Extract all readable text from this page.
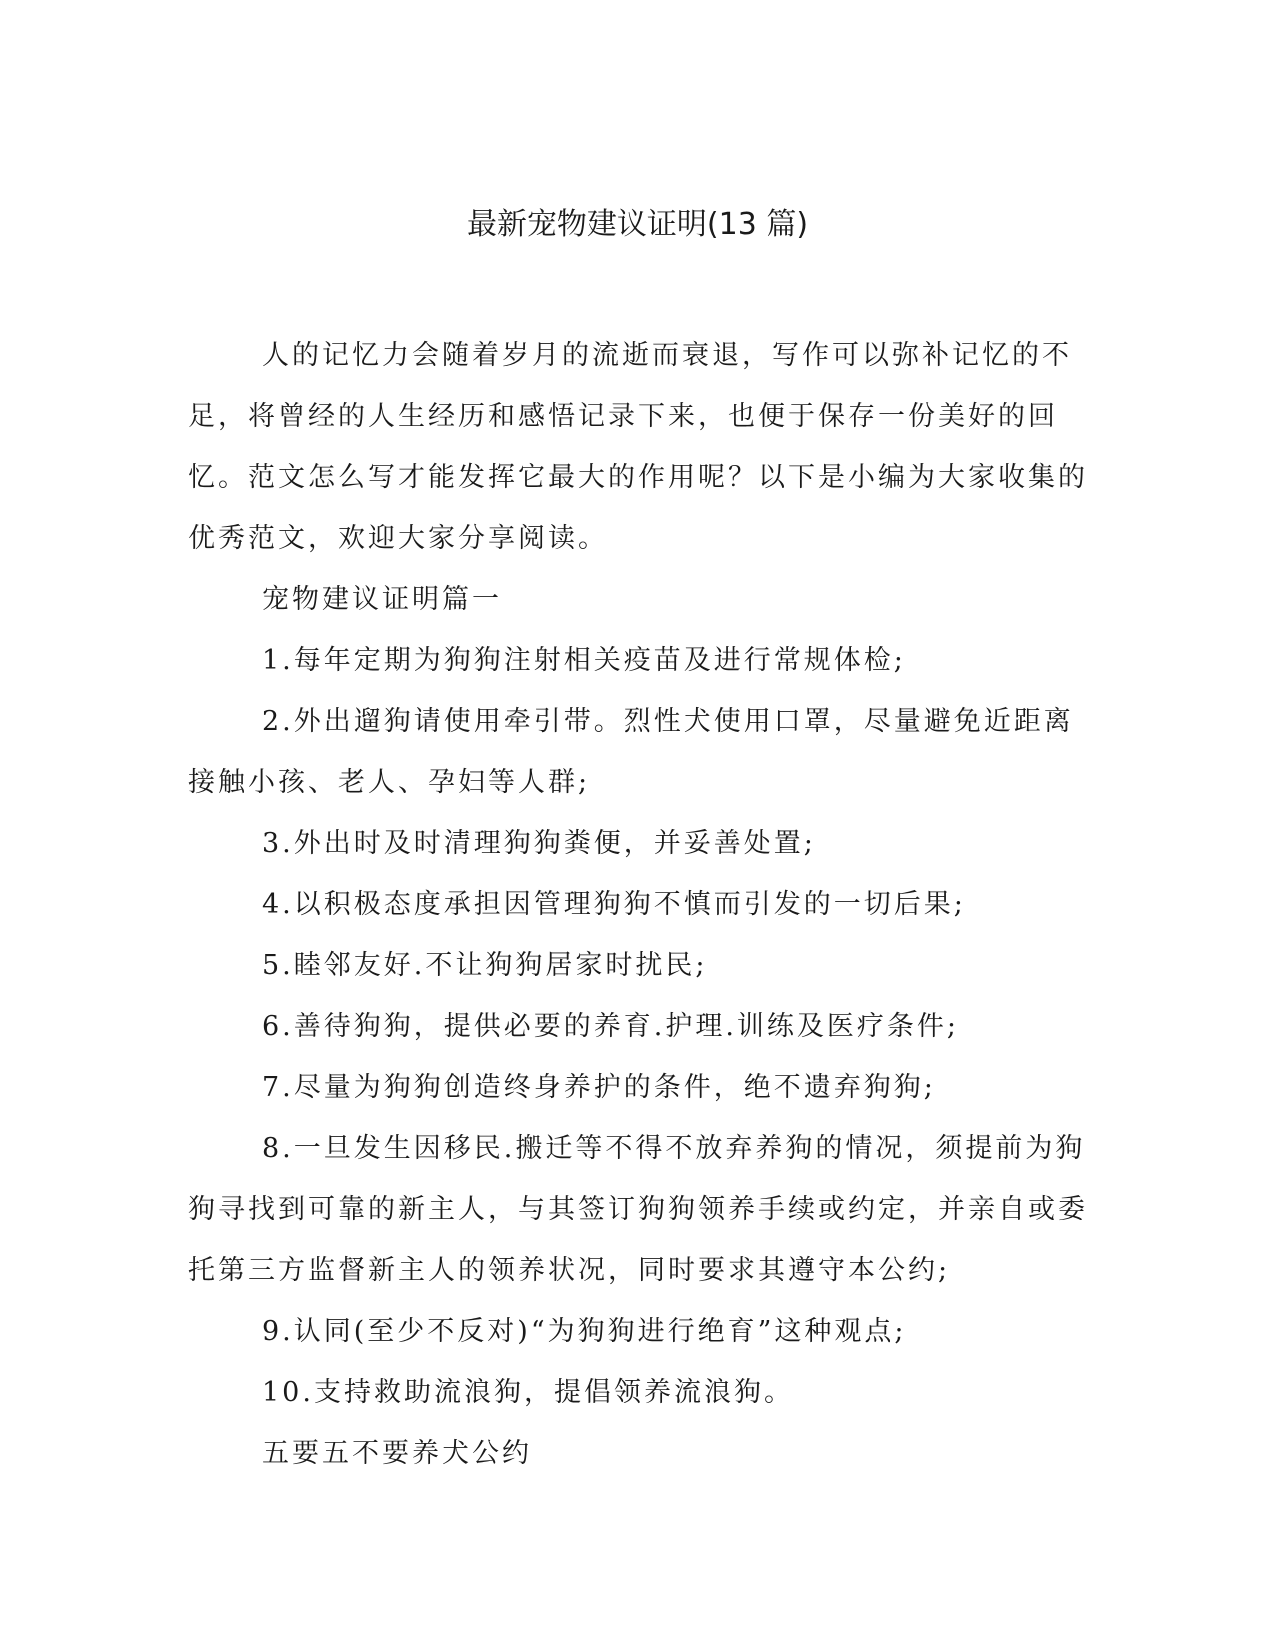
最新宠物建议证明(13 篇)

人的记忆力会随着岁月的流逝而衰退，写作可以弥补记忆的不足，将曾经的人生经历和感悟记录下来，也便于保存一份美好的回忆。范文怎么写才能发挥它最大的作用呢？以下是小编为大家收集的优秀范文，欢迎大家分享阅读。

宠物建议证明篇一

1.每年定期为狗狗注射相关疫苗及进行常规体检;

2.外出遛狗请使用牵引带。烈性犬使用口罩，尽量避免近距离接触小孩、老人、孕妇等人群;

3.外出时及时清理狗狗粪便，并妥善处置;

4.以积极态度承担因管理狗狗不慎而引发的一切后果;

5.睦邻友好.不让狗狗居家时扰民;

6.善待狗狗，提供必要的养育.护理.训练及医疗条件;

7.尽量为狗狗创造终身养护的条件，绝不遗弃狗狗;

8.一旦发生因移民.搬迁等不得不放弃养狗的情况，须提前为狗狗寻找到可靠的新主人，与其签订狗狗领养手续或约定，并亲自或委托第三方监督新主人的领养状况，同时要求其遵守本公约;

9.认同(至少不反对)“为狗狗进行绝育”这种观点;

10.支持救助流浪狗，提倡领养流浪狗。

五要五不要养犬公约
